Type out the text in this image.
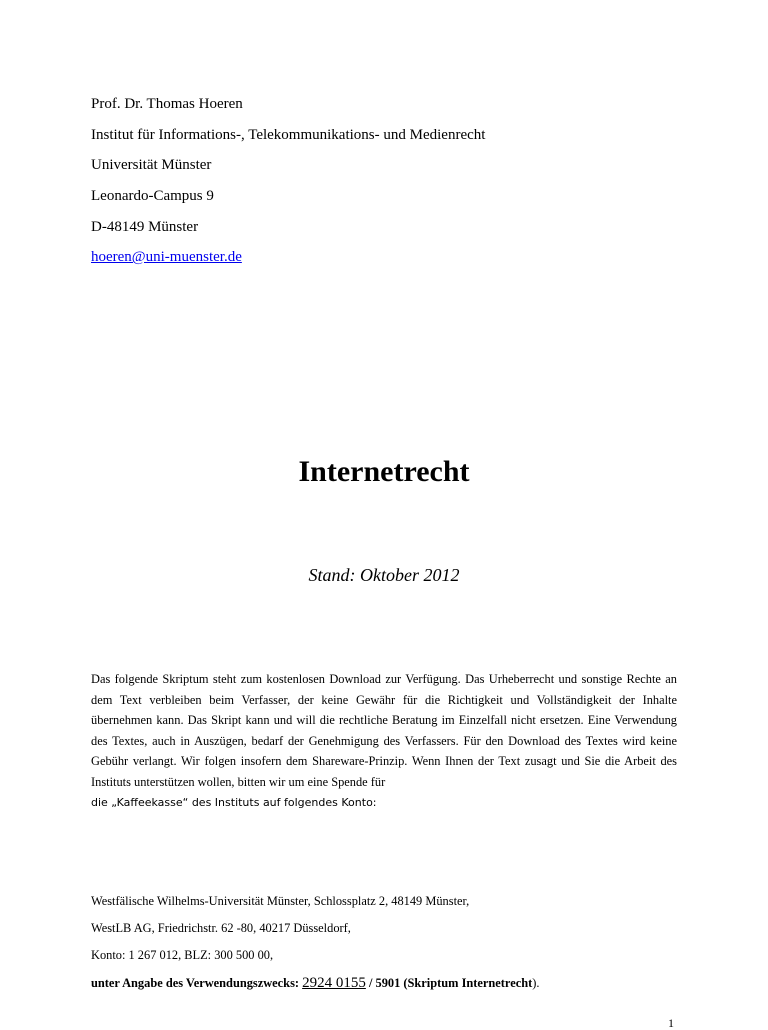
Prof. Dr. Thomas Hoeren
Institut für Informations-, Telekommunikations- und Medienrecht
Universität Münster
Leonardo-Campus 9
D-48149 Münster
hoeren@uni-muenster.de
Internetrecht
Stand: Oktober 2012
Das folgende Skriptum steht zum kostenlosen Download zur Verfügung. Das Urheberrecht und sonstige Rechte an dem Text verbleiben beim Verfasser, der keine Gewähr für die Richtigkeit und Vollständigkeit der Inhalte übernehmen kann. Das Skript kann und will die rechtliche Beratung im Einzelfall nicht ersetzen. Eine Verwendung des Textes, auch in Auszügen, bedarf der Genehmigung des Verfassers. Für den Download des Textes wird keine Gebühr verlangt. Wir folgen insofern dem Shareware-Prinzip. Wenn Ihnen der Text zusagt und Sie die Arbeit des Instituts unterstützen wollen, bitten wir um eine Spende für
die „Kaffeekasse“ des Instituts auf folgendes Konto:
Westfälische Wilhelms-Universität Münster, Schlossplatz 2, 48149 Münster,
WestLB AG, Friedrichstr. 62 -80, 40217 Düsseldorf,
Konto: 1 267 012, BLZ: 300 500 00,
unter Angabe des Verwendungszwecks: 2924 0155 / 5901 (Skriptum Internetrecht).
1
